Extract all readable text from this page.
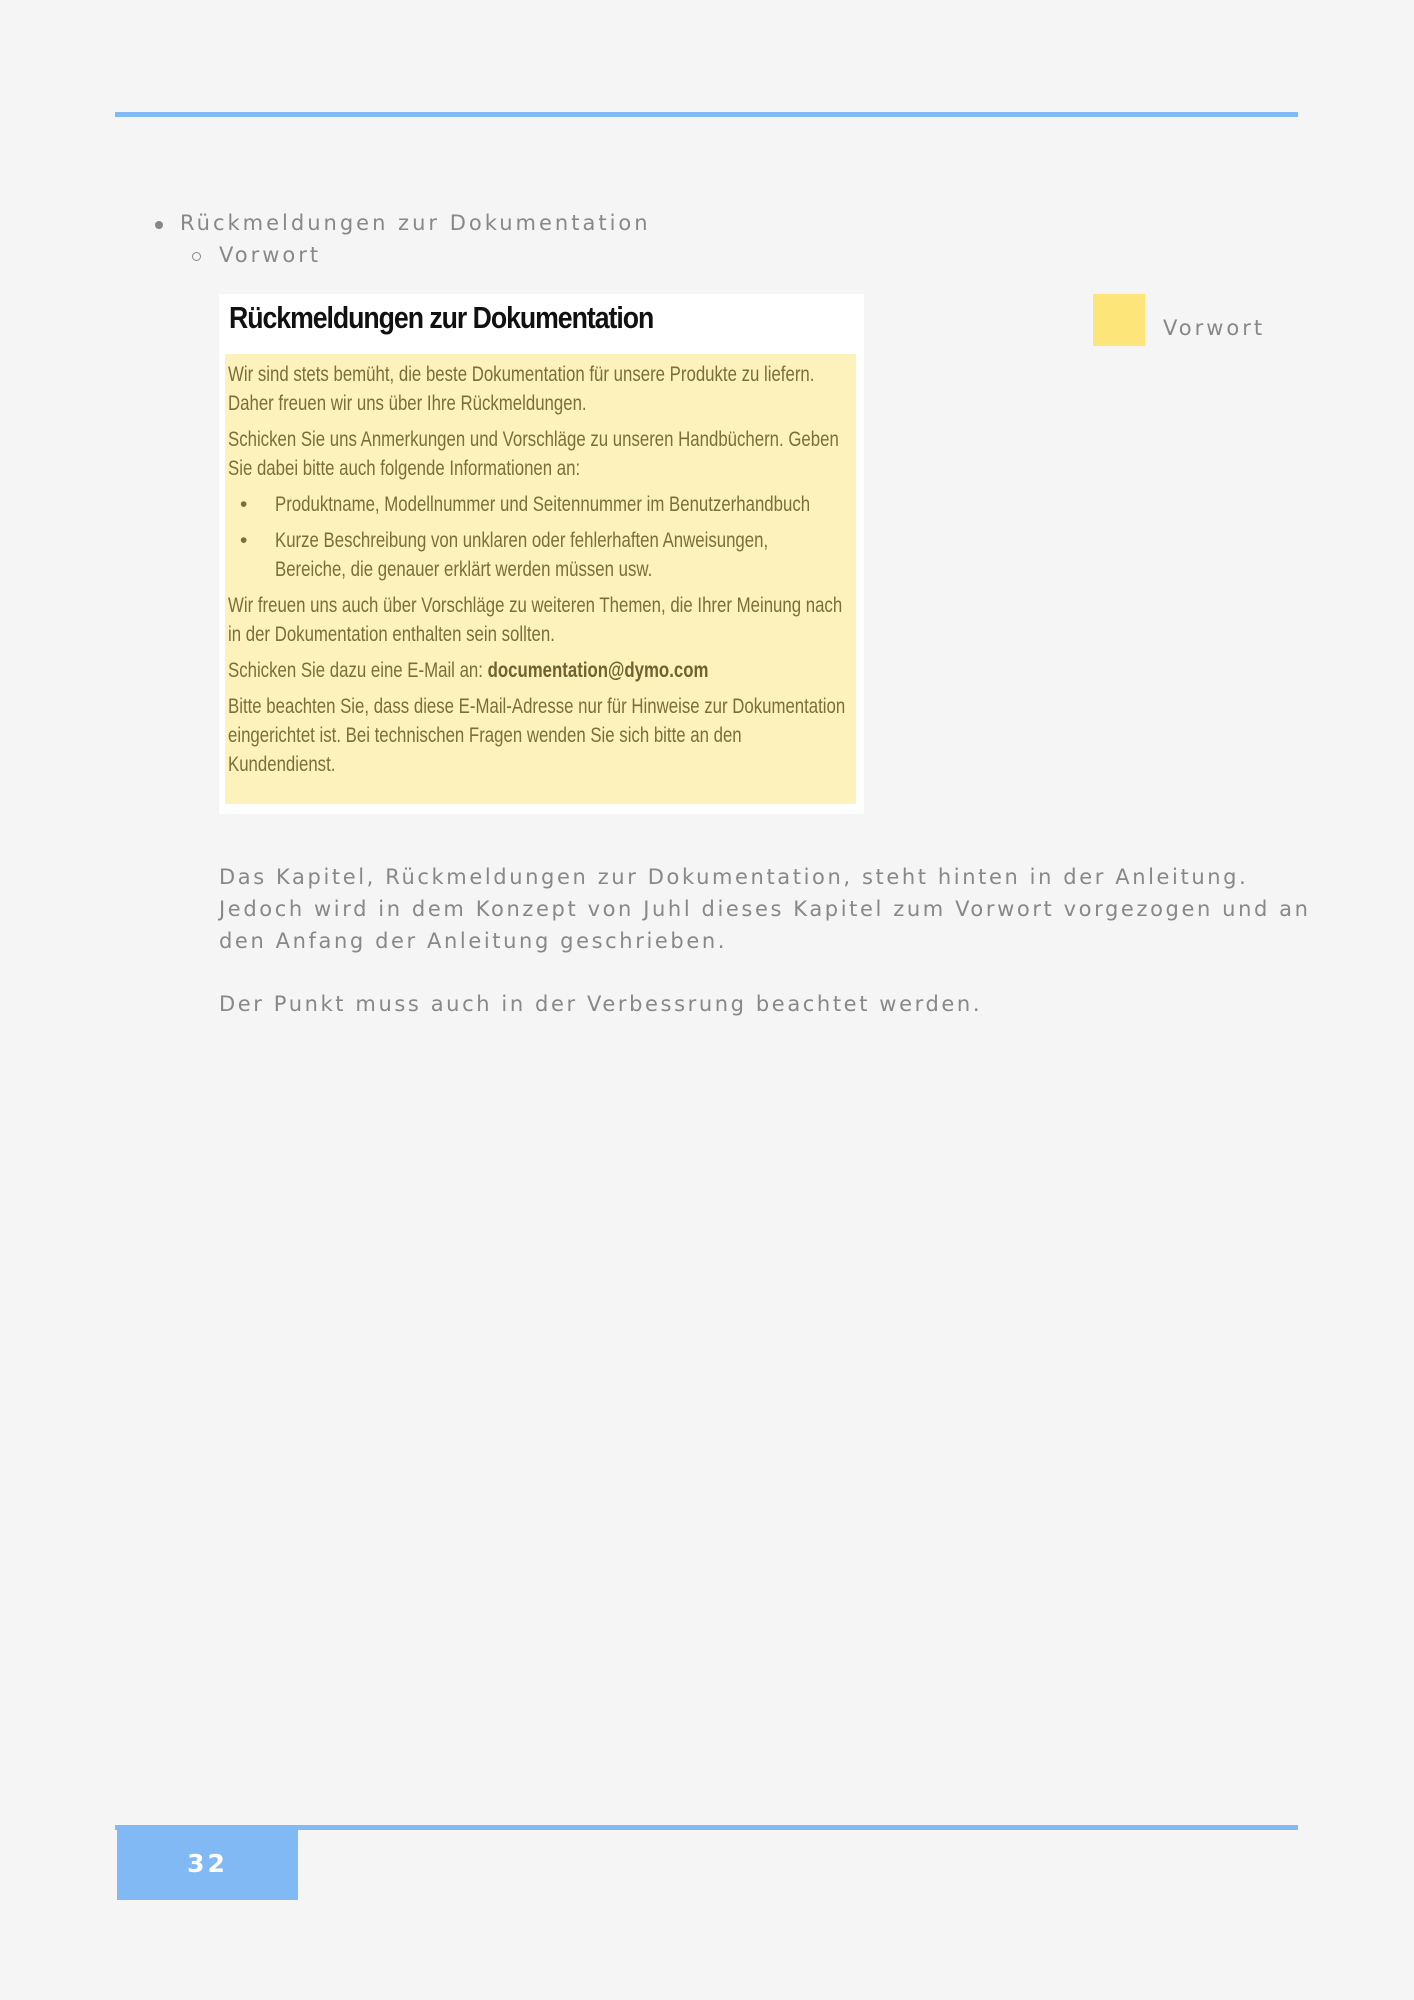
Rückmeldungen zur Dokumentation
Vorwort
Rückmeldungen zur Dokumentation

Wir sind stets bemüht, die beste Dokumentation für unsere Produkte zu liefern. Daher freuen wir uns über Ihre Rückmeldungen.

Schicken Sie uns Anmerkungen und Vorschläge zu unseren Handbüchern. Geben Sie dabei bitte auch folgende Informationen an:

• Produktname, Modellnummer und Seitennummer im Benutzerhandbuch
• Kurze Beschreibung von unklaren oder fehlerhaften Anweisungen, Bereiche, die genauer erklärt werden müssen usw.

Wir freuen uns auch über Vorschläge zu weiteren Themen, die Ihrer Meinung nach in der Dokumentation enthalten sein sollten.

Schicken Sie dazu eine E-Mail an: documentation@dymo.com

Bitte beachten Sie, dass diese E-Mail-Adresse nur für Hinweise zur Dokumentation eingerichtet ist. Bei technischen Fragen wenden Sie sich bitte an den Kundendienst.

Vorwort

Das Kapitel, Rückmeldungen zur Dokumentation, steht hinten in der Anleitung. Jedoch wird in dem Konzept von Juhl dieses Kapitel zum Vorwort vorgezogen und an den Anfang der Anleitung geschrieben.

Der Punkt muss auch in der Verbessrung beachtet werden.

32
